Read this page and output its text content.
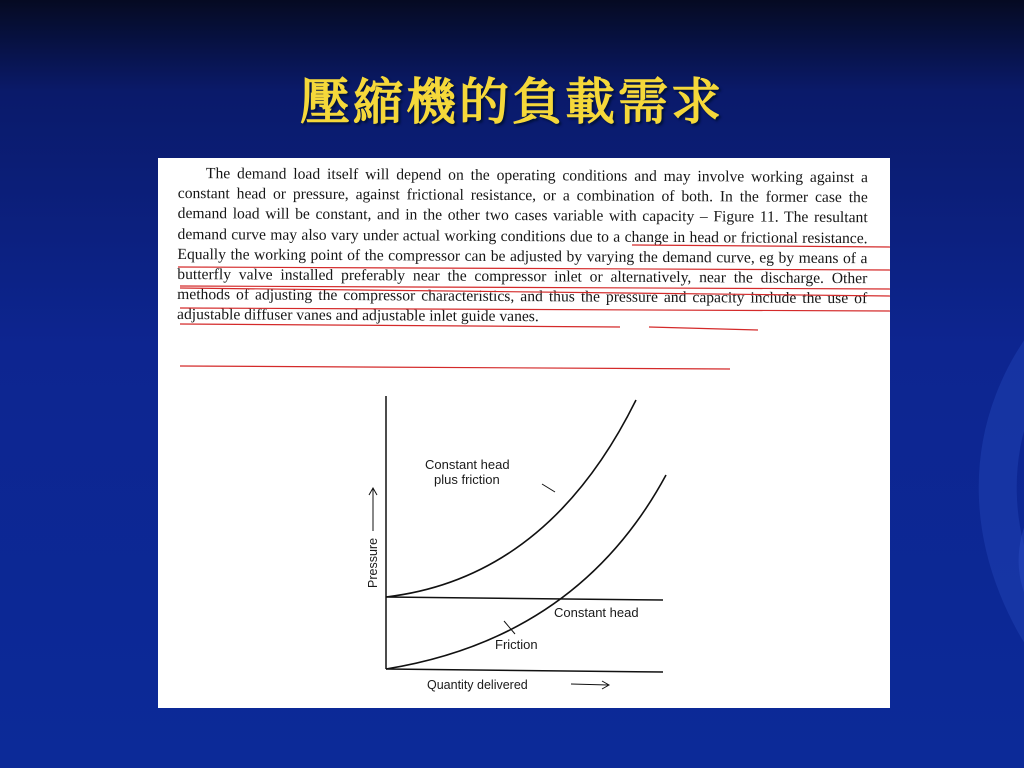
壓縮機的負載需求

The demand load itself will depend on the operating conditions and may involve working against a constant head or pressure, against frictional resistance, or a combination of both. In the former case the demand load will be constant, and in the other two cases variable with capacity – Figure 11. The resultant demand curve may also vary under actual working conditions due to a change in head or frictional resistance. Equally the working point of the compressor can be adjusted by varying the demand curve, eg by means of a butterfly valve installed preferably near the compressor inlet or alternatively, near the discharge. Other methods of adjusting the compressor characteristics, and thus the pressure and capacity include the use of adjustable diffuser vanes and adjustable inlet guide vanes.

Constant head
plus friction
Constant head
Friction
Pressure
Quantity delivered
